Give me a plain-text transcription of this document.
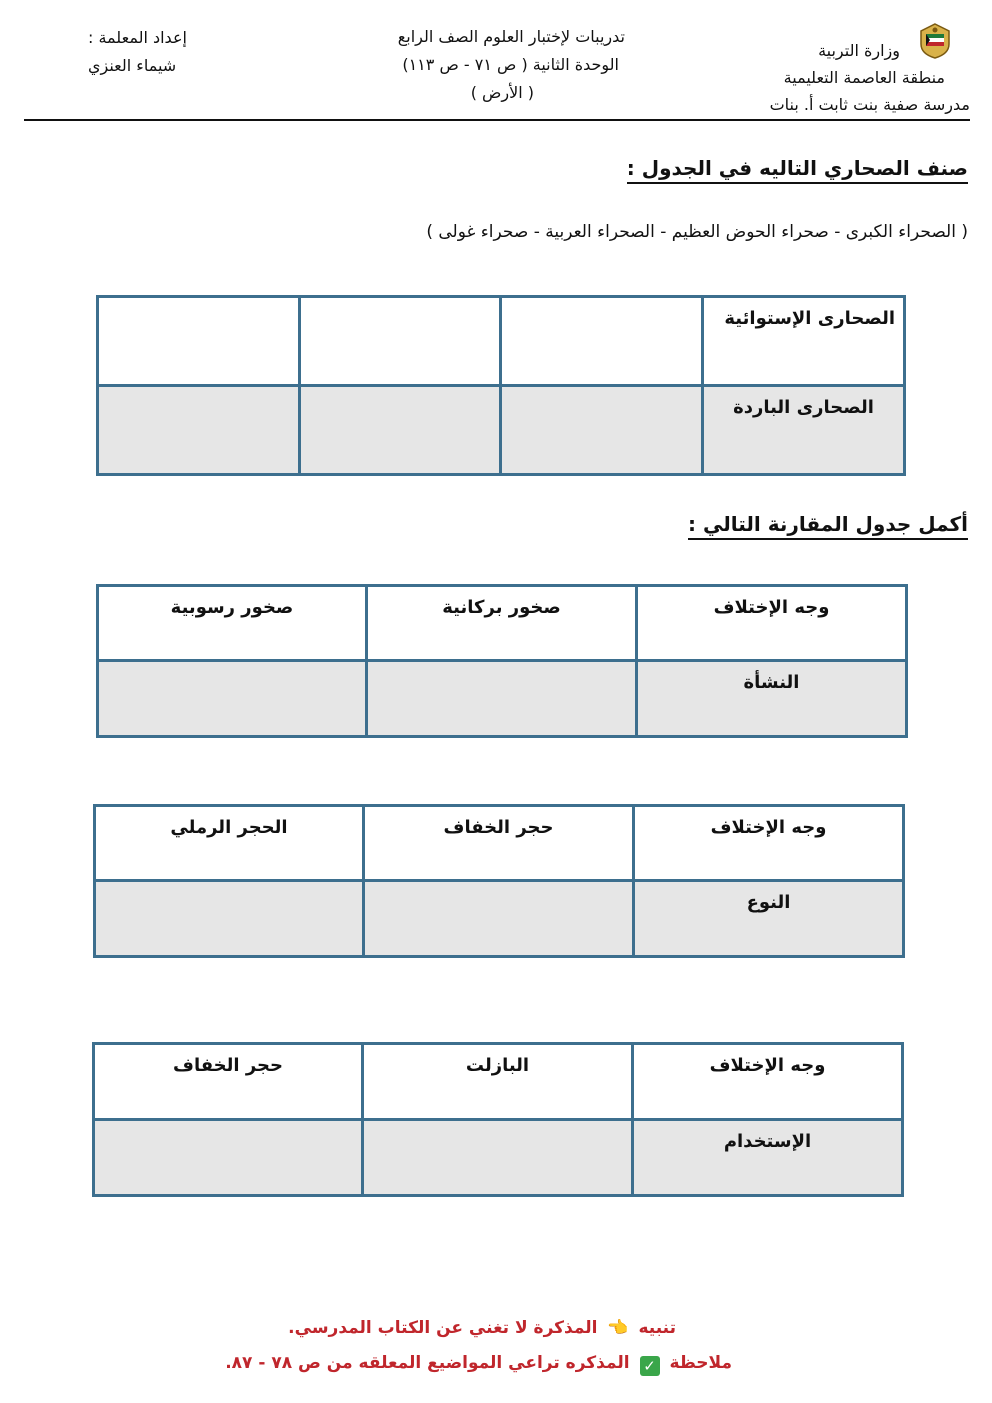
وزارة التربية
منطقة العاصمة التعليمية
مدرسة صفية بنت ثابت أ. بنات
تدريبات لإختبار العلوم الصف الرابع
الوحدة الثانية ( ص ٧١ - ص ١١٣)
( الأرض )
إعداد المعلمة :
شيماء العنزي
صنف الصحاري التاليه في الجدول :
( الصحراء الكبرى - صحراء الحوض العظيم - الصحراء العربية - صحراء غولى )
الصحارى الإستوائية			
الصحارى الباردة			
أكمل جدول المقارنة التالي :
وجه الإختلاف	صخور بركانية	صخور رسوبية
النشأة		
وجه الإختلاف	حجر الخفاف	الحجر الرملي
النوع		
وجه الإختلاف	البازلت	حجر الخفاف
الإستخدام		
تنبيه 👈 المذكرة لا تغني عن الكتاب المدرسي.
ملاحظة ✓ المذكره تراعي المواضيع المعلقه من ص ٧٨ - ٨٧.
